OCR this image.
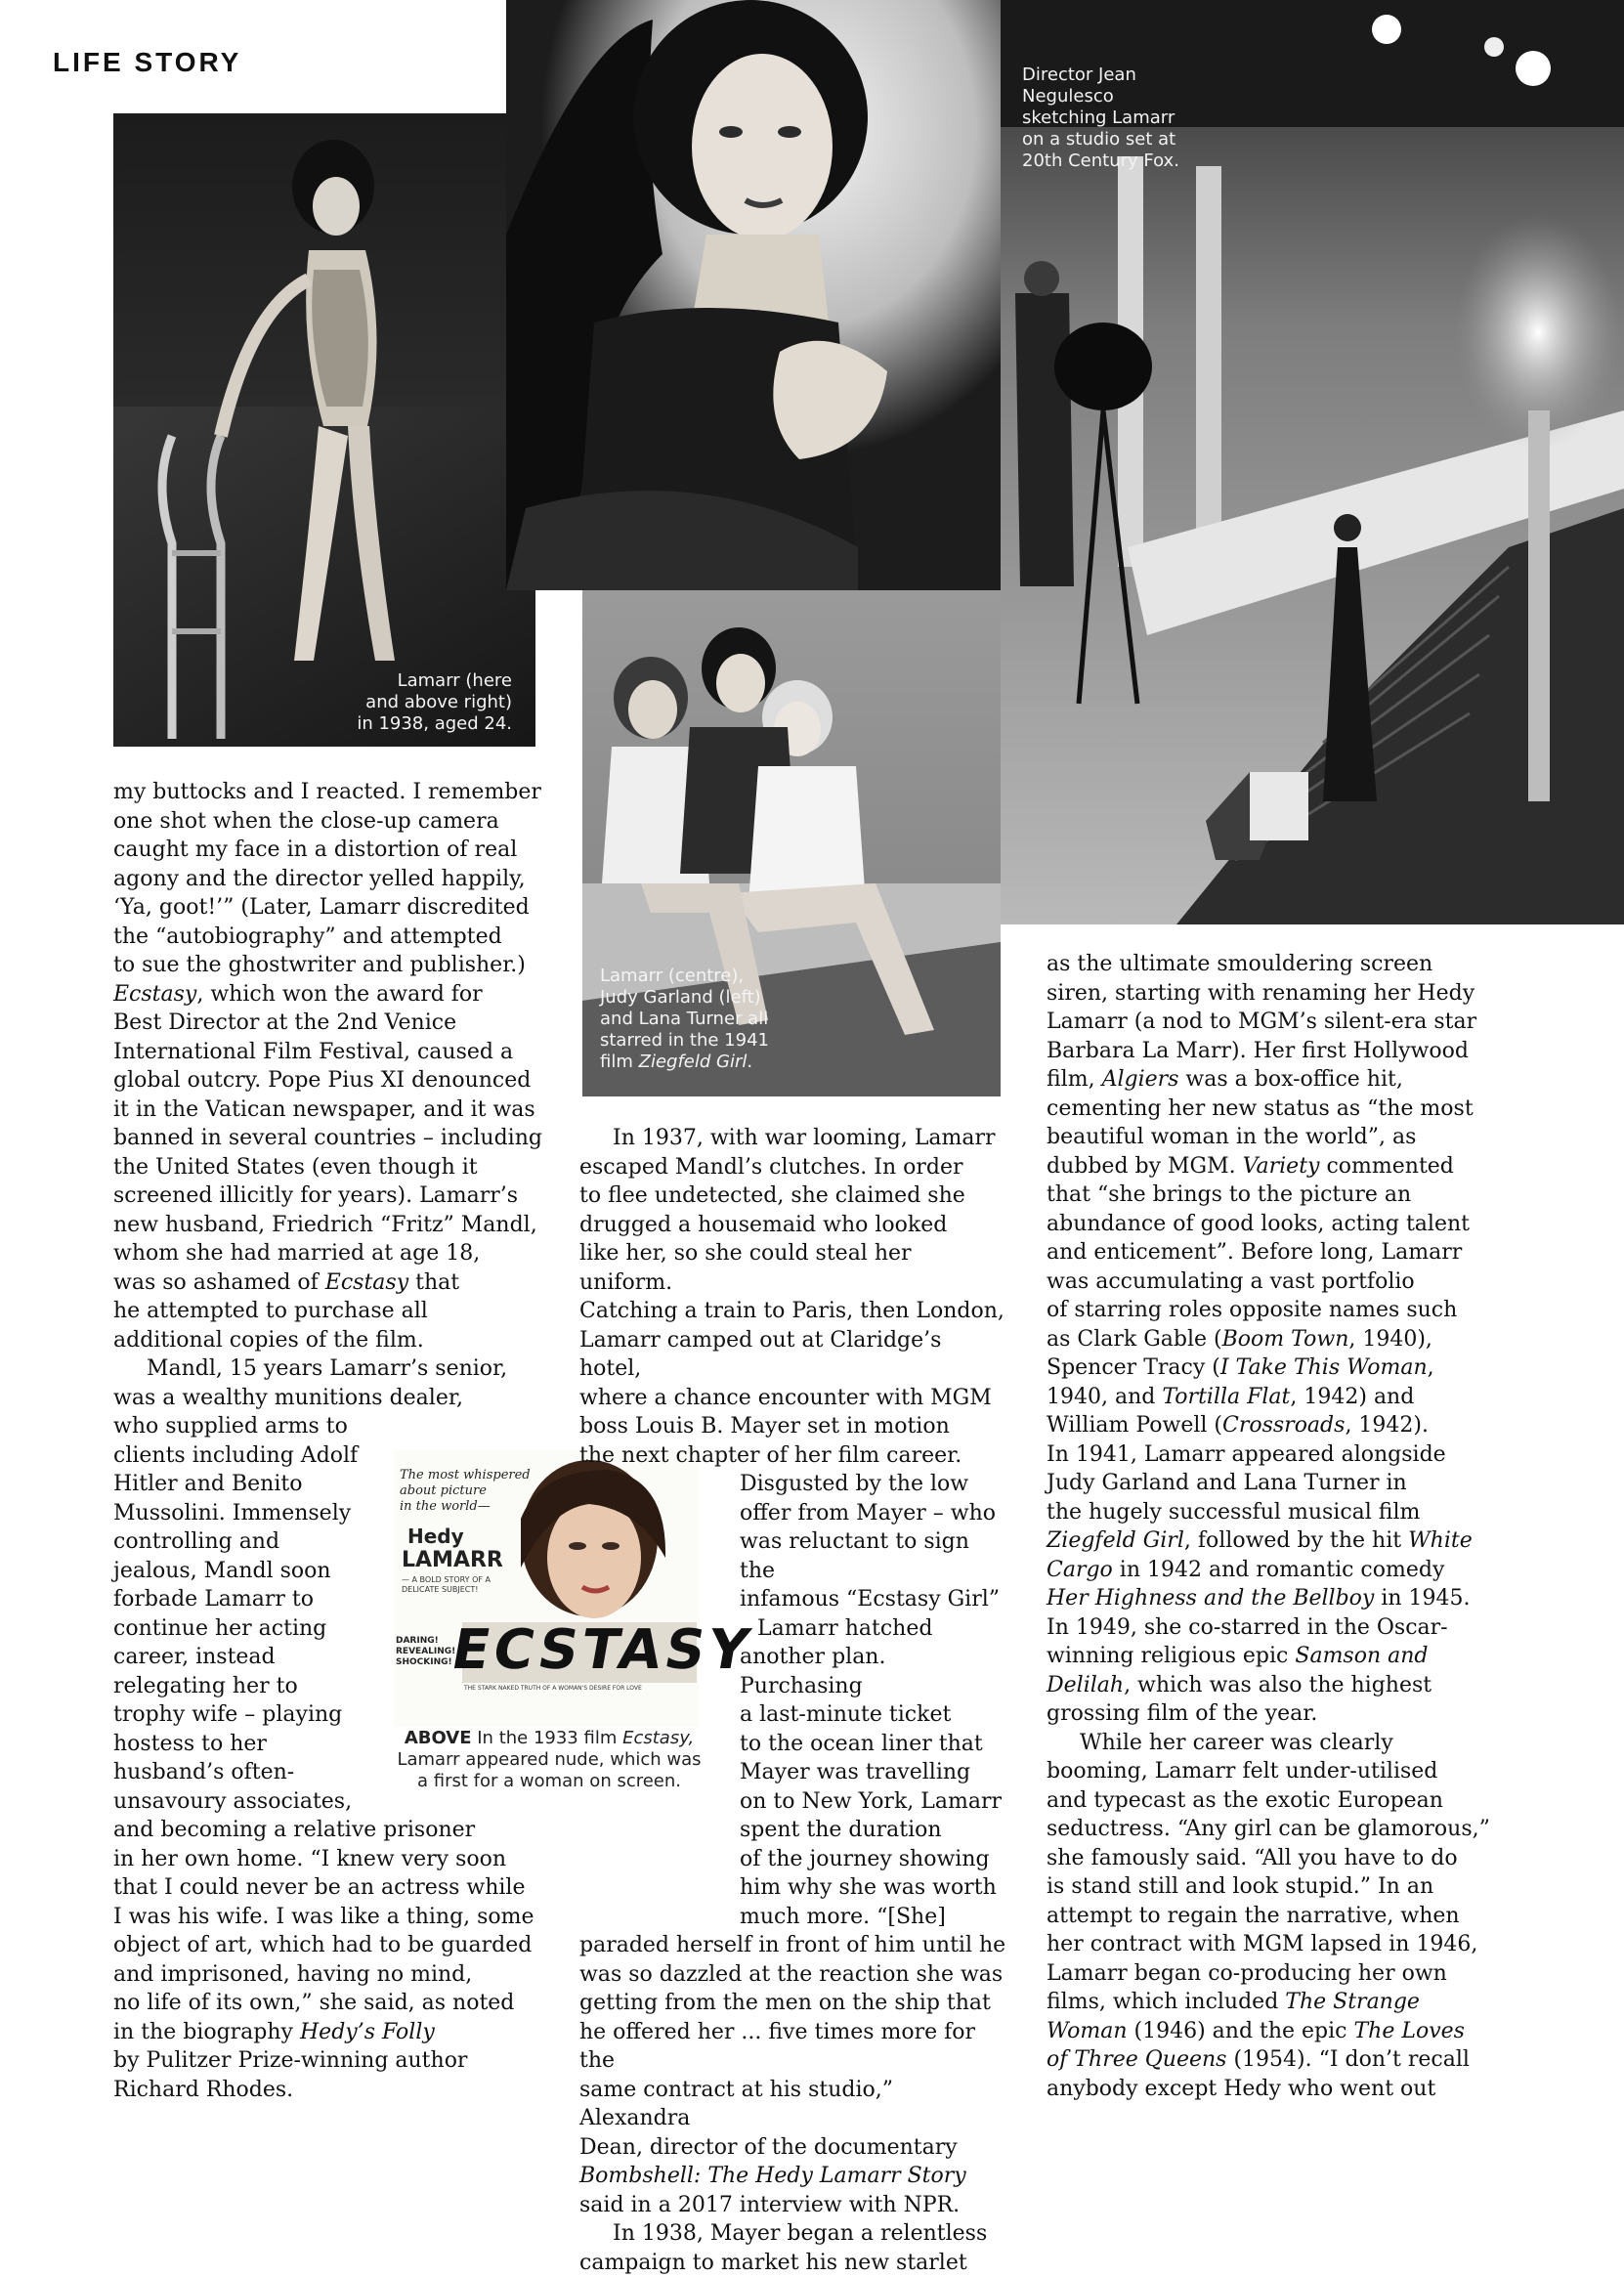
LIFE STORY
Lamarr (here
and above right)
in 1938, aged 24.
Director Jean
Negulesco
sketching Lamarr
on a studio set at
20th Century Fox.
Lamarr (centre),
Judy Garland (left)
and Lana Turner all
starred in the 1941
film Ziegfeld Girl.
The most whispered
about picture
in the world—
Hedy
LAMARR
— A BOLD STORY OF A
DELICATE SUBJECT!
DARING!
REVEALING!
SHOCKING!
ECSTASY
THE STARK NAKED TRUTH OF A WOMAN'S DESIRE FOR LOVE
ABOVE In the 1933 film Ecstasy,
Lamarr appeared nude, which was
a first for a woman on screen.
my buttocks and I reacted. I remember
one shot when the close-up camera
caught my face in a distortion of real
agony and the director yelled happily,
‘Ya, goot!’” (Later, Lamarr discredited
the “autobiography” and attempted
to sue the ghostwriter and publisher.)
Ecstasy, which won the award for
Best Director at the 2nd Venice
International Film Festival, caused a
global outcry. Pope Pius XI denounced
it in the Vatican newspaper, and it was
banned in several countries – including
the United States (even though it
screened illicitly for years). Lamarr’s
new husband, Friedrich “Fritz” Mandl,
whom she had married at age 18,
was so ashamed of Ecstasy that
he attempted to purchase all
additional copies of the film.
Mandl, 15 years Lamarr’s senior,
was a wealthy munitions dealer,
who supplied arms to
clients including Adolf
Hitler and Benito
Mussolini. Immensely
controlling and
jealous, Mandl soon
forbade Lamarr to
continue her acting
career, instead
relegating her to
trophy wife – playing
hostess to her
husband’s often-
unsavoury associates,
and becoming a relative prisoner
in her own home. “I knew very soon
that I could never be an actress while
I was his wife. I was like a thing, some
object of art, which had to be guarded
and imprisoned, having no mind,
no life of its own,” she said, as noted
in the biography Hedy’s Folly
by Pulitzer Prize-winning author
Richard Rhodes.
In 1937, with war looming, Lamarr
escaped Mandl’s clutches. In order
to flee undetected, she claimed she
drugged a housemaid who looked
like her, so she could steal her uniform.
Catching a train to Paris, then London,
Lamarr camped out at Claridge’s hotel,
where a chance encounter with MGM
boss Louis B. Mayer set in motion
the next chapter of her film career.
Disgusted by the low
offer from Mayer – who
was reluctant to sign the
infamous “Ecstasy Girl”
– Lamarr hatched
another plan. Purchasing
a last-minute ticket
to the ocean liner that
Mayer was travelling
on to New York, Lamarr
spent the duration
of the journey showing
him why she was worth
much more. “[She]
paraded herself in front of him until he
was so dazzled at the reaction she was
getting from the men on the ship that
he offered her ... five times more for the
same contract at his studio,” Alexandra
Dean, director of the documentary
Bombshell: The Hedy Lamarr Story
said in a 2017 interview with NPR.
In 1938, Mayer began a relentless
campaign to market his new starlet
as the ultimate smouldering screen
siren, starting with renaming her Hedy
Lamarr (a nod to MGM’s silent-era star
Barbara La Marr). Her first Hollywood
film, Algiers was a box-office hit,
cementing her new status as “the most
beautiful woman in the world”, as
dubbed by MGM. Variety commented
that “she brings to the picture an
abundance of good looks, acting talent
and enticement”. Before long, Lamarr
was accumulating a vast portfolio
of starring roles opposite names such
as Clark Gable (Boom Town, 1940),
Spencer Tracy (I Take This Woman,
1940, and Tortilla Flat, 1942) and
William Powell (Crossroads, 1942).
In 1941, Lamarr appeared alongside
Judy Garland and Lana Turner in
the hugely successful musical film
Ziegfeld Girl, followed by the hit White
Cargo in 1942 and romantic comedy
Her Highness and the Bellboy in 1945.
In 1949, she co-starred in the Oscar-
winning religious epic Samson and
Delilah, which was also the highest
grossing film of the year.
While her career was clearly
booming, Lamarr felt under-utilised
and typecast as the exotic European
seductress. “Any girl can be glamorous,”
she famously said. “All you have to do
is stand still and look stupid.” In an
attempt to regain the narrative, when
her contract with MGM lapsed in 1946,
Lamarr began co-producing her own
films, which included The Strange
Woman (1946) and the epic The Loves
of Three Queens (1954). “I don’t recall
anybody except Hedy who went out
